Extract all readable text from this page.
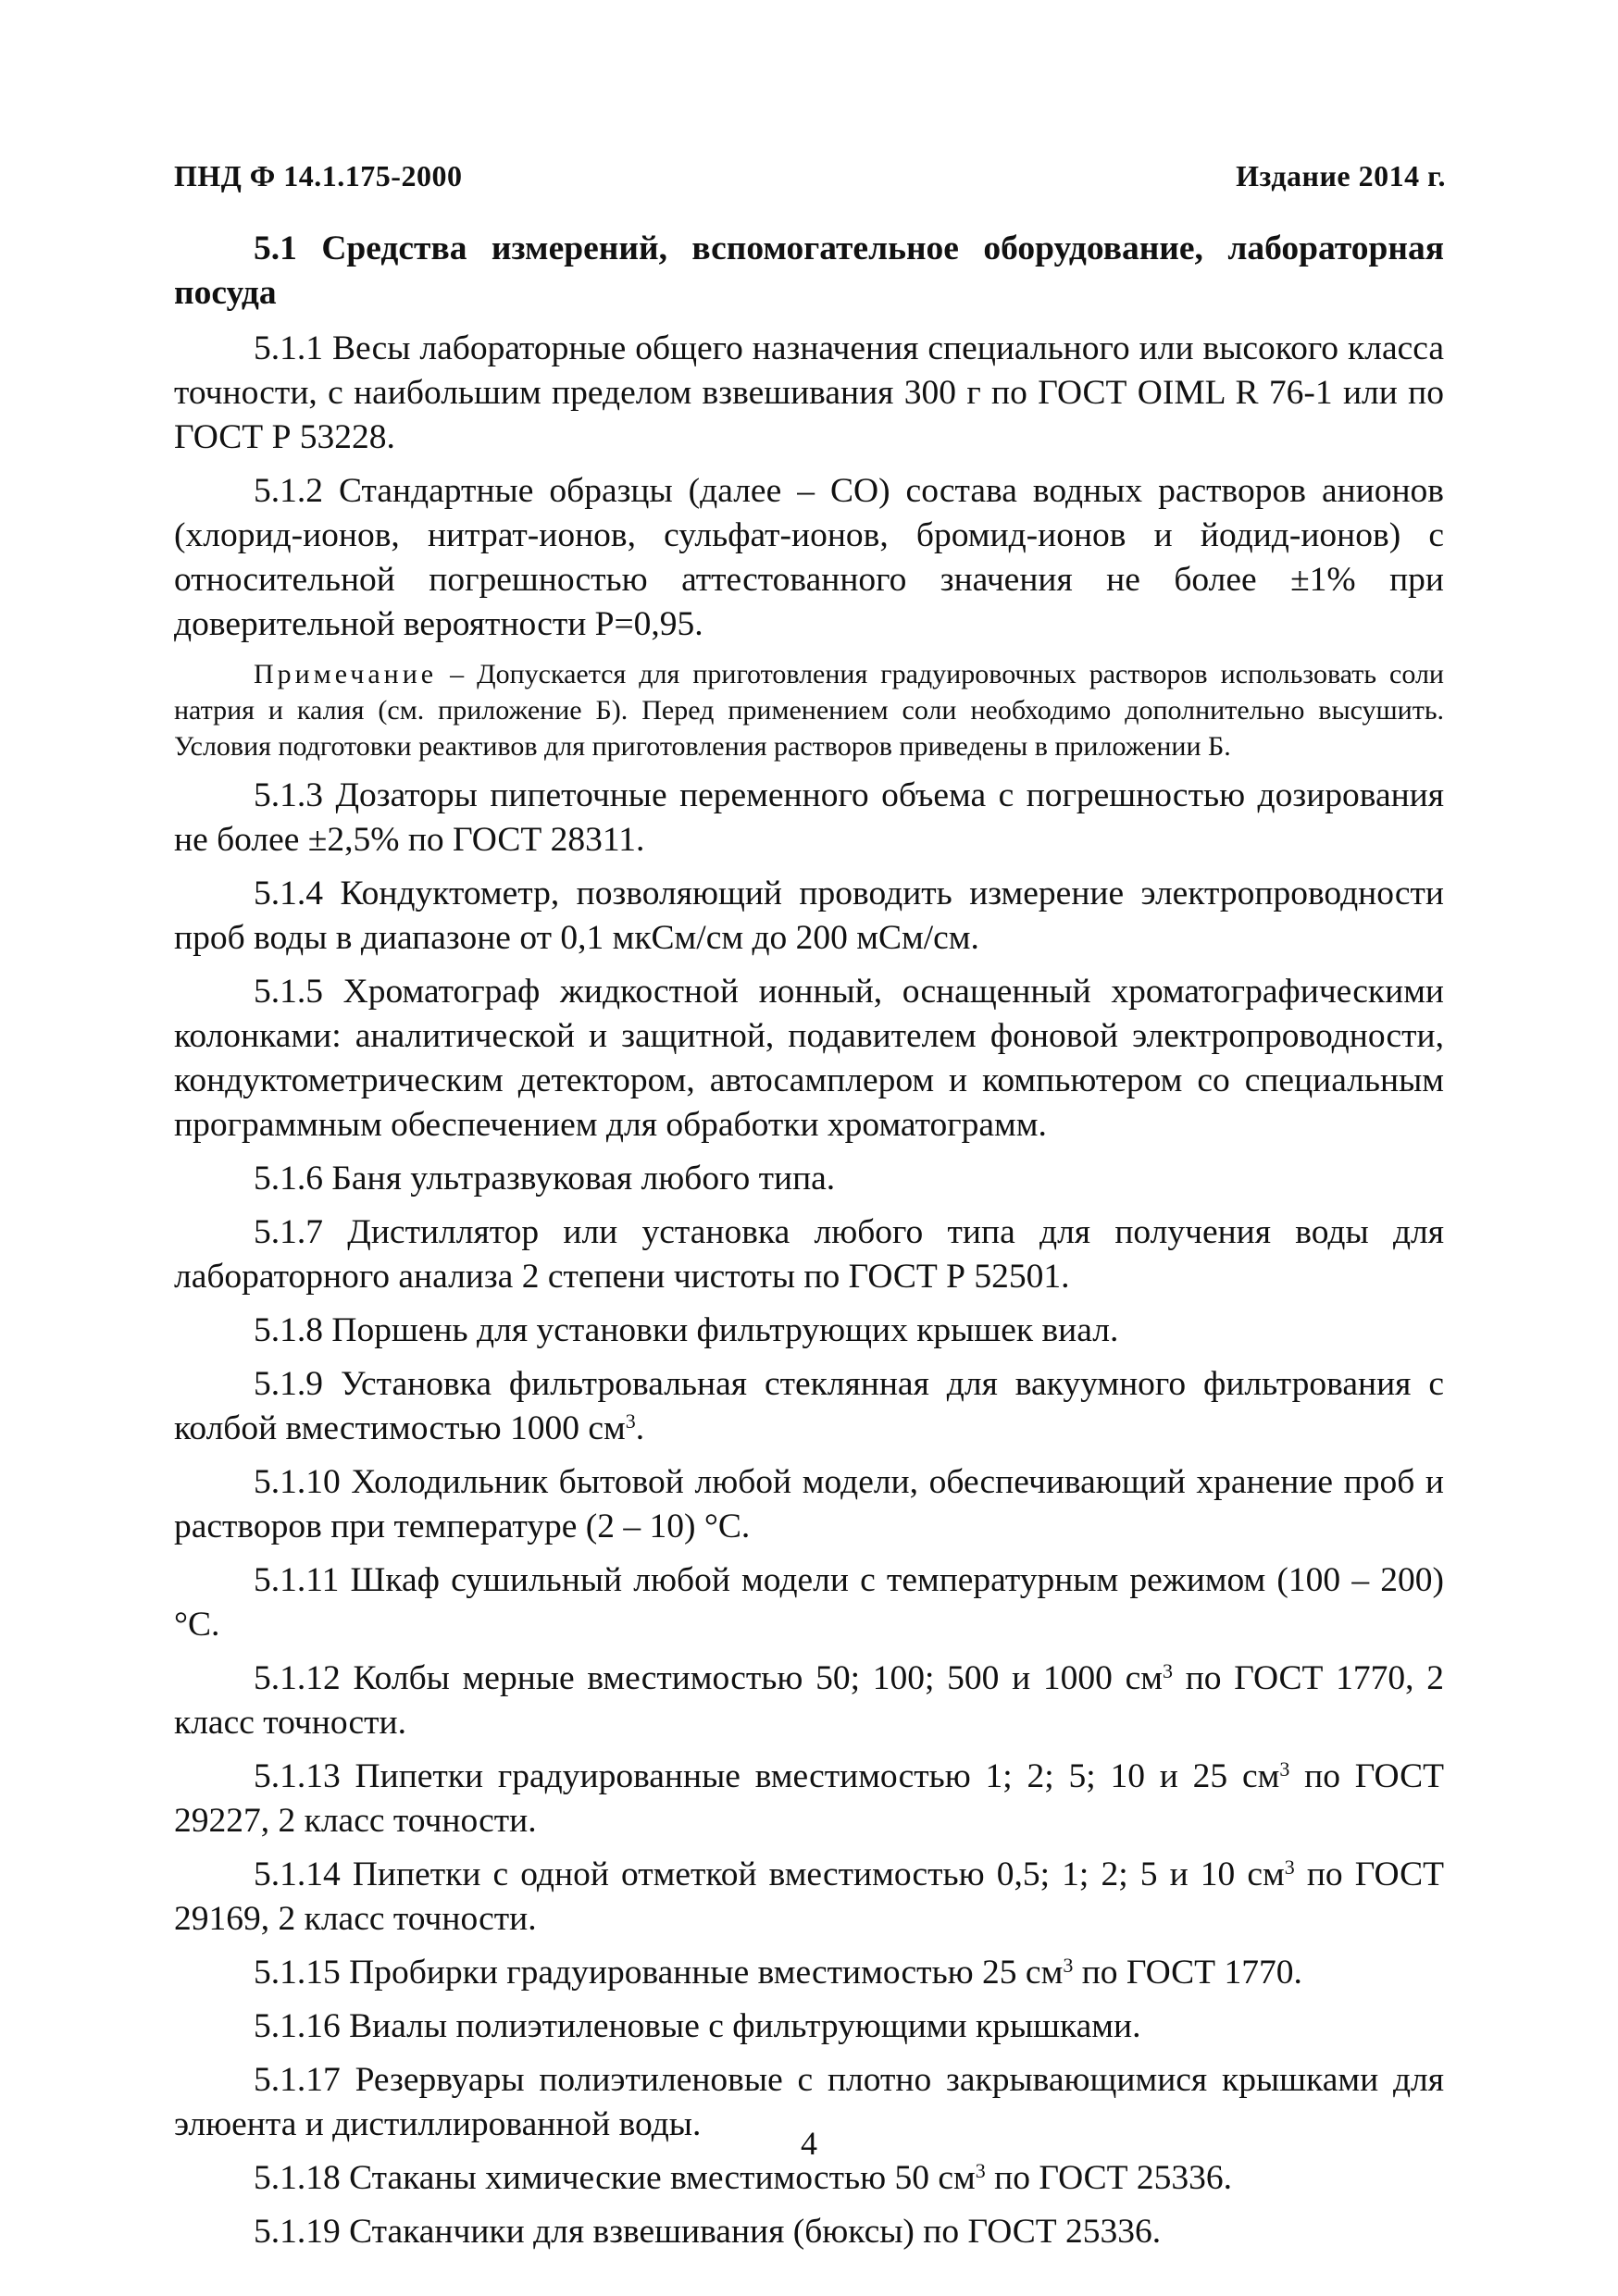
ПНД Ф 14.1.175-2000	Издание 2014 г.

5.1 Средства измерений, вспомогательное оборудование, лабораторная посуда

5.1.1 Весы лабораторные общего назначения специального или высокого класса точности, с наибольшим пределом взвешивания 300 г по ГОСТ OIML R 76-1 или по ГОСТ Р 53228.

5.1.2 Стандартные образцы (далее – СО) состава водных растворов анионов (хлорид-ионов, нитрат-ионов, сульфат-ионов, бромид-ионов и йодид-ионов) с относительной погрешностью аттестованного значения не более ±1% при доверительной вероятности Р=0,95.

Примечание – Допускается для приготовления градуировочных растворов использовать соли натрия и калия (см. приложение Б). Перед применением соли необходимо дополнительно высушить. Условия подготовки реактивов для приготовления растворов приведены в приложении Б.

5.1.3 Дозаторы пипеточные переменного объема с погрешностью дозирования не более ±2,5% по ГОСТ 28311.

5.1.4 Кондуктометр, позволяющий проводить измерение электропроводности проб воды в диапазоне от 0,1 мкСм/см до 200 мСм/см.

5.1.5 Хроматограф жидкостной ионный, оснащенный хроматографическими колонками: аналитической и защитной, подавителем фоновой электропроводности, кондуктометрическим детектором, автосамплером и компьютером со специальным программным обеспечением для обработки хроматограмм.

5.1.6 Баня ультразвуковая любого типа.

5.1.7 Дистиллятор или установка любого типа для получения воды для лабораторного анализа 2 степени чистоты по ГОСТ Р 52501.

5.1.8 Поршень для установки фильтрующих крышек виал.

5.1.9 Установка фильтровальная стеклянная для вакуумного фильтрования с колбой вместимостью 1000 $см^3$.

5.1.10 Холодильник бытовой любой модели, обеспечивающий хранение проб и растворов при температуре (2 – 10) °С.

5.1.11 Шкаф сушильный любой модели с температурным режимом (100 – 200) °С.

5.1.12 Колбы мерные вместимостью 50; 100; 500 и 1000 $см^3$ по ГОСТ 1770, 2 класс точности.

5.1.13 Пипетки градуированные вместимостью 1; 2; 5; 10 и 25 $см^3$ по ГОСТ 29227, 2 класс точности.

5.1.14 Пипетки с одной отметкой вместимостью 0,5; 1; 2; 5 и 10 $см^3$ по ГОСТ 29169, 2 класс точности.

5.1.15 Пробирки градуированные вместимостью 25 $см^3$ по ГОСТ 1770.

5.1.16 Виалы полиэтиленовые с фильтрующими крышками.

5.1.17 Резервуары полиэтиленовые с плотно закрывающимися крышками для элюента и дистиллированной воды.

5.1.18 Стаканы химические вместимостью 50 $см^3$ по ГОСТ 25336.

5.1.19 Стаканчики для взвешивания (бюксы) по ГОСТ 25336.

4
